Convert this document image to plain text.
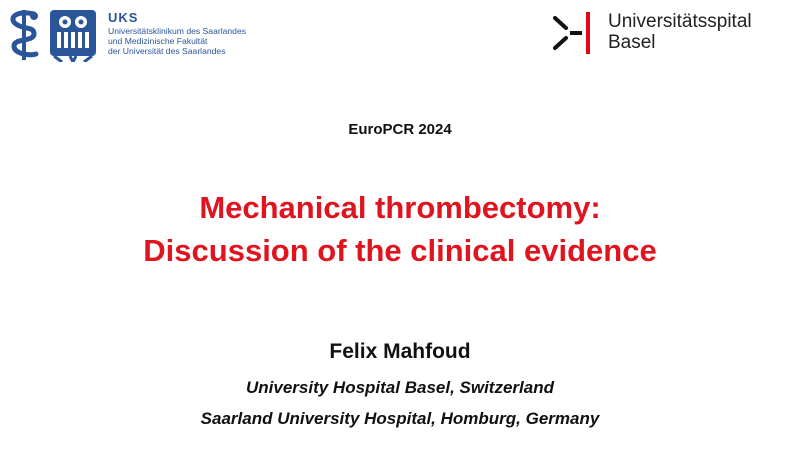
UKS
Universitätsklinikum des Saarlandes
und Medizinische Fakultät
der Universität des Saarlandes
Universitätsspital
Basel
EuroPCR 2024
Mechanical thrombectomy:
Discussion of the clinical evidence
Felix Mahfoud
University Hospital Basel, Switzerland
Saarland University Hospital, Homburg, Germany
